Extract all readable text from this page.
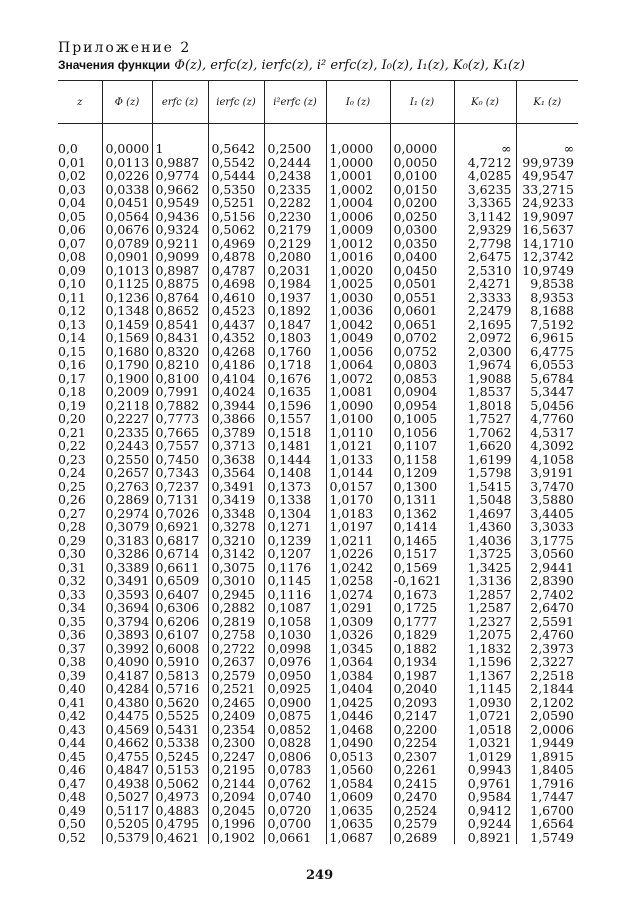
Приложение 2
Значения функции Φ(z), erfc(z), ierfc(z), i² erfc(z), I₀(z), I₁(z), K₀(z), K₁(z)
z	Φ (z)	erfc (z)	ierfc (z)	i²erfc (z)	I₀ (z)	I₁ (z)	K₀ (z)	K₁ (z)

0,0	0,0000	1	0,5642	0,2500	1,0000	0,0000	∞	∞
0,01	0,0113	0,9887	0,5542	0,2444	1,0000	0,0050	4,7212	99,9739
0,02	0,0226	0,9774	0,5444	0,2438	1,0001	0,0100	4,0285	49,9547
0,03	0,0338	0,9662	0,5350	0,2335	1,0002	0,0150	3,6235	33,2715
0,04	0,0451	0,9549	0,5251	0,2282	1,0004	0,0200	3,3365	24,9233
0,05	0,0564	0,9436	0,5156	0,2230	1,0006	0,0250	3,1142	19,9097
0,06	0,0676	0,9324	0,5062	0,2179	1,0009	0,0300	2,9329	16,5637
0,07	0,0789	0,9211	0,4969	0,2129	1,0012	0,0350	2,7798	14,1710
0,08	0,0901	0,9099	0,4878	0,2080	1,0016	0,0400	2,6475	12,3742
0,09	0,1013	0,8987	0,4787	0,2031	1,0020	0,0450	2,5310	10,9749
0,10	0,1125	0,8875	0,4698	0,1984	1,0025	0,0501	2,4271	9,8538
0,11	0,1236	0,8764	0,4610	0,1937	1,0030	0,0551	2,3333	8,9353
0,12	0,1348	0,8652	0,4523	0,1892	1,0036	0,0601	2,2479	8,1688
0,13	0,1459	0,8541	0,4437	0,1847	1,0042	0,0651	2,1695	7,5192
0,14	0,1569	0,8431	0,4352	0,1803	1,0049	0,0702	2,0972	6,9615
0,15	0,1680	0,8320	0,4268	0,1760	1,0056	0,0752	2,0300	6,4775
0,16	0,1790	0,8210	0,4186	0,1718	1,0064	0,0803	1,9674	6,0553
0,17	0,1900	0,8100	0,4104	0,1676	1,0072	0,0853	1,9088	5,6784
0,18	0,2009	0,7991	0,4024	0,1635	1,0081	0,0904	1,8537	5,3447
0,19	0,2118	0,7882	0,3944	0,1596	1,0090	0,0954	1,8018	5,0456
0,20	0,2227	0,7773	0,3866	0,1557	1,0100	0,1005	1,7527	4,7760
0,21	0,2335	0,7665	0,3789	0,1518	1,0110	0,1056	1,7062	4,5317
0,22	0,2443	0,7557	0,3713	0,1481	1,0121	0,1107	1,6620	4,3092
0,23	0,2550	0,7450	0,3638	0,1444	1,0133	0,1158	1,6199	4,1058
0,24	0,2657	0,7343	0,3564	0,1408	1,0144	0,1209	1,5798	3,9191
0,25	0,2763	0,7237	0,3491	0,1373	0,0157	0,1300	1,5415	3,7470
0,26	0,2869	0,7131	0,3419	0,1338	1,0170	0,1311	1,5048	3,5880
0,27	0,2974	0,7026	0,3348	0,1304	1,0183	0,1362	1,4697	3,4405
0,28	0,3079	0,6921	0,3278	0,1271	1,0197	0,1414	1,4360	3,3033
0,29	0,3183	0,6817	0,3210	0,1239	1,0211	0,1465	1,4036	3,1775
0,30	0,3286	0,6714	0,3142	0,1207	1,0226	0,1517	1,3725	3,0560
0,31	0,3389	0,6611	0,3075	0,1176	1,0242	0,1569	1,3425	2,9441
0,32	0,3491	0,6509	0,3010	0,1145	1,0258	-0,1621	1,3136	2,8390
0,33	0,3593	0,6407	0,2945	0,1116	1,0274	0,1673	1,2857	2,7402
0,34	0,3694	0,6306	0,2882	0,1087	1,0291	0,1725	1,2587	2,6470
0,35	0,3794	0,6206	0,2819	0,1058	1,0309	0,1777	1,2327	2,5591
0,36	0,3893	0,6107	0,2758	0,1030	1,0326	0,1829	1,2075	2,4760
0,37	0,3992	0,6008	0,2722	0,0998	1,0345	0,1882	1,1832	2,3973
0,38	0,4090	0,5910	0,2637	0,0976	1,0364	0,1934	1,1596	2,3227
0,39	0,4187	0,5813	0,2579	0,0950	1,0384	0,1987	1,1367	2,2518
0,40	0,4284	0,5716	0,2521	0,0925	1,0404	0,2040	1,1145	2,1844
0,41	0,4380	0,5620	0,2465	0,0900	1,0425	0,2093	1,0930	2,1202
0,42	0,4475	0,5525	0,2409	0,0875	1,0446	0,2147	1,0721	2,0590
0,43	0,4569	0,5431	0,2354	0,0852	1,0468	0,2200	1,0518	2,0006
0,44	0,4662	0,5338	0,2300	0,0828	1,0490	0,2254	1,0321	1,9449
0,45	0,4755	0,5245	0,2247	0,0806	0,0513	0,2307	1,0129	1,8915
0,46	0,4847	0,5153	0,2195	0,0783	1,0560	0,2261	0,9943	1,8405
0,47	0,4938	0,5062	0,2144	0,0762	1,0584	0,2415	0,9761	1,7916
0,48	0,5027	0,4973	0,2094	0,0740	1,0609	0,2470	0,9584	1,7447
0,49	0,5117	0,4883	0,2045	0,0720	1,0635	0,2524	0,9412	1,6700
0,50	0,5205	0,4795	0,1996	0,0700	1,0635	0,2579	0,9244	1,6564
0,52	0,5379	0,4621	0,1902	0,0661	1,0687	0,2689	0,8921	1,5749
249
